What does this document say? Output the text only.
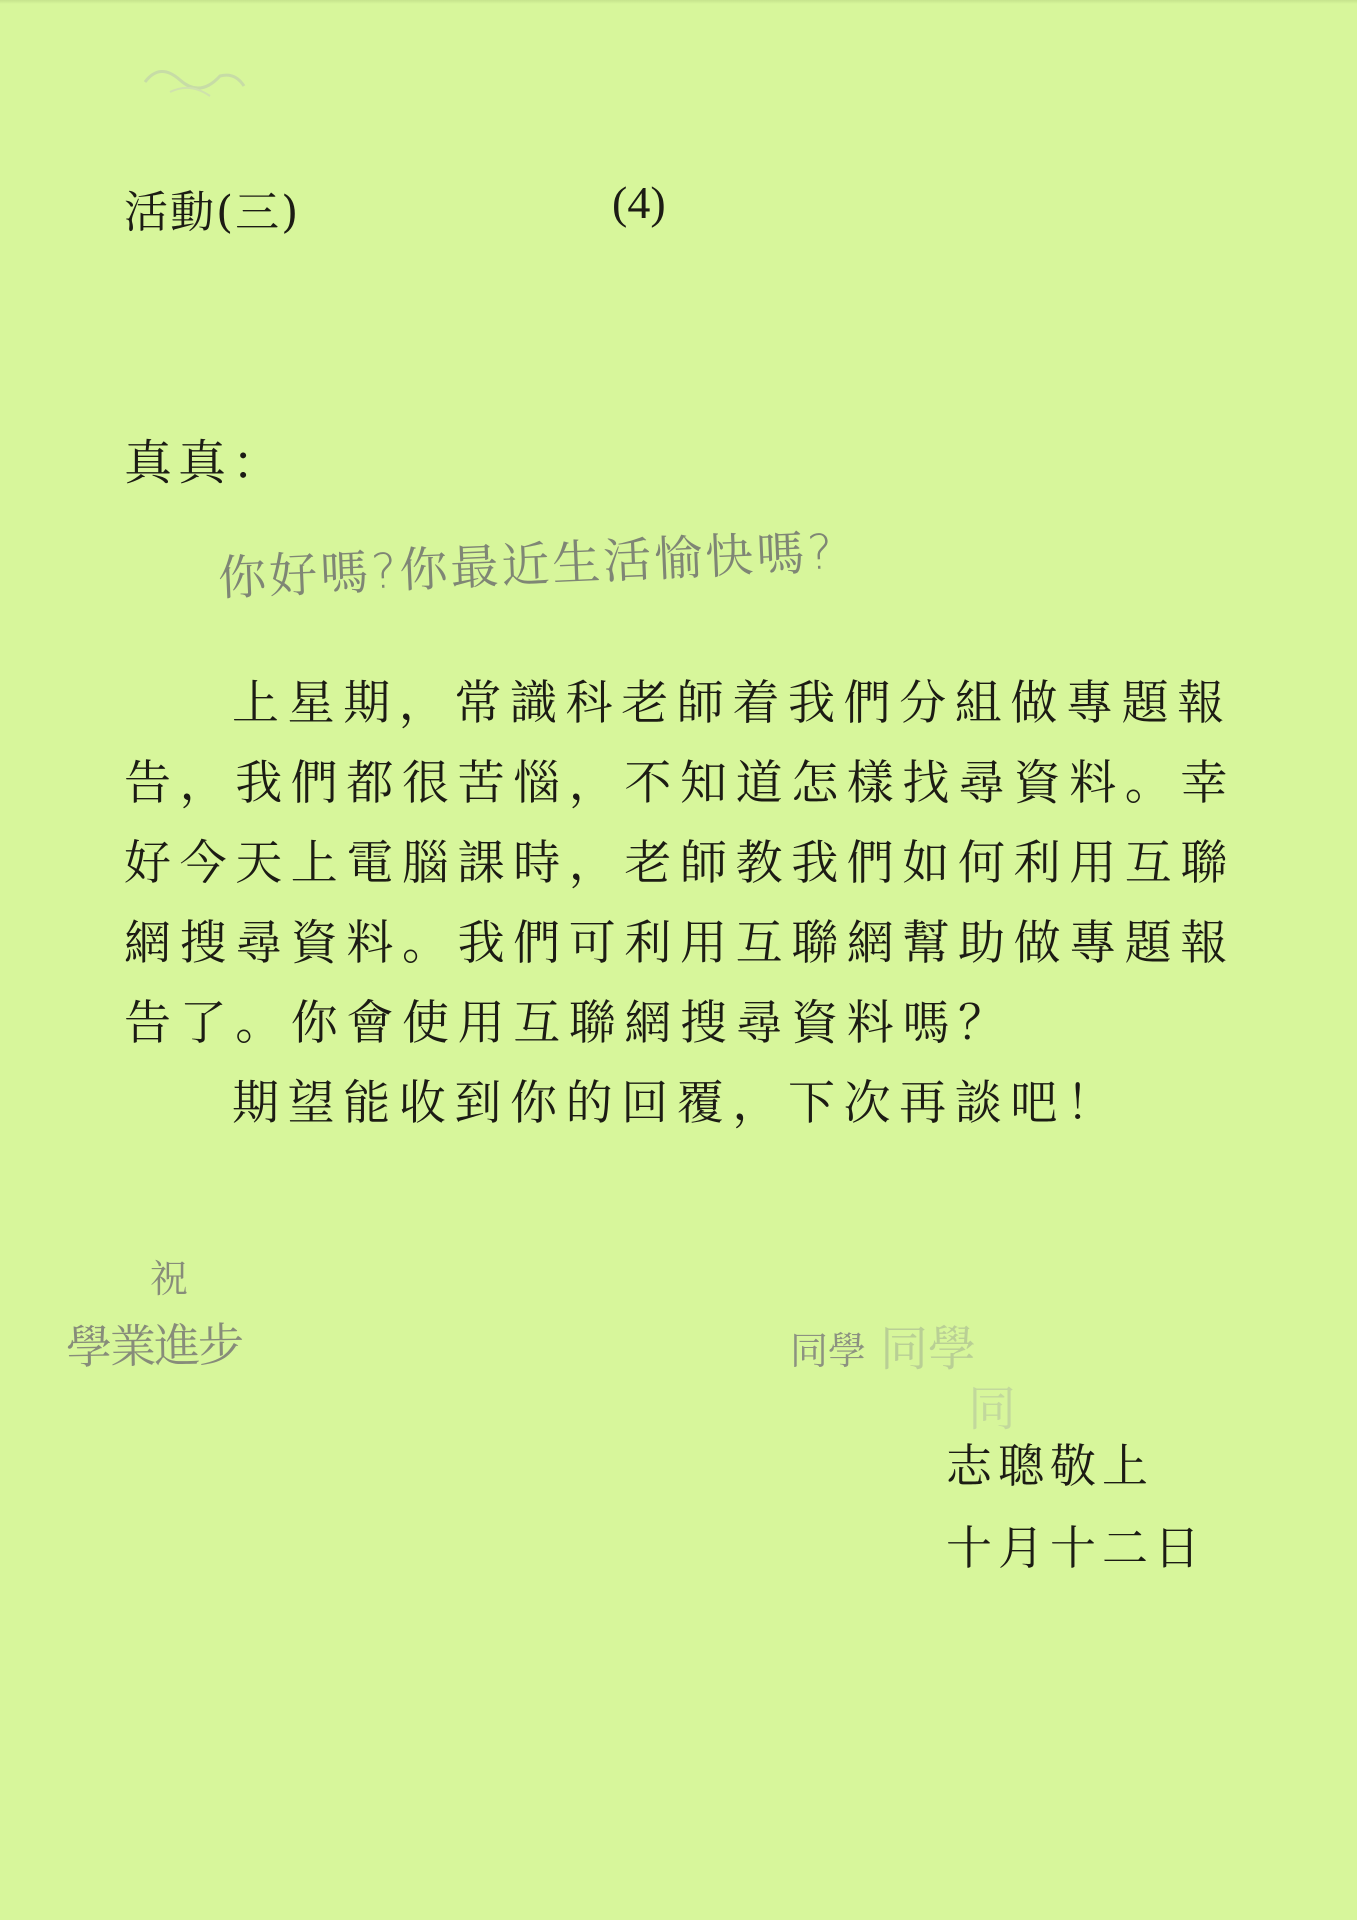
活動(三)	(4)
真真：
你好嗎?你最近生活愉快嗎?
上星期，常識科老師着我們分組做專題報
告，我們都很苦惱，不知道怎樣找尋資料。幸
好今天上電腦課時，老師教我們如何利用互聯
網搜尋資料。我們可利用互聯網幫助做專題報
告了。你會使用互聯網搜尋資料嗎？
期望能收到你的回覆，下次再談吧！
祝
學業進步	同學 同學
同
志聰敬上
十月十二日
